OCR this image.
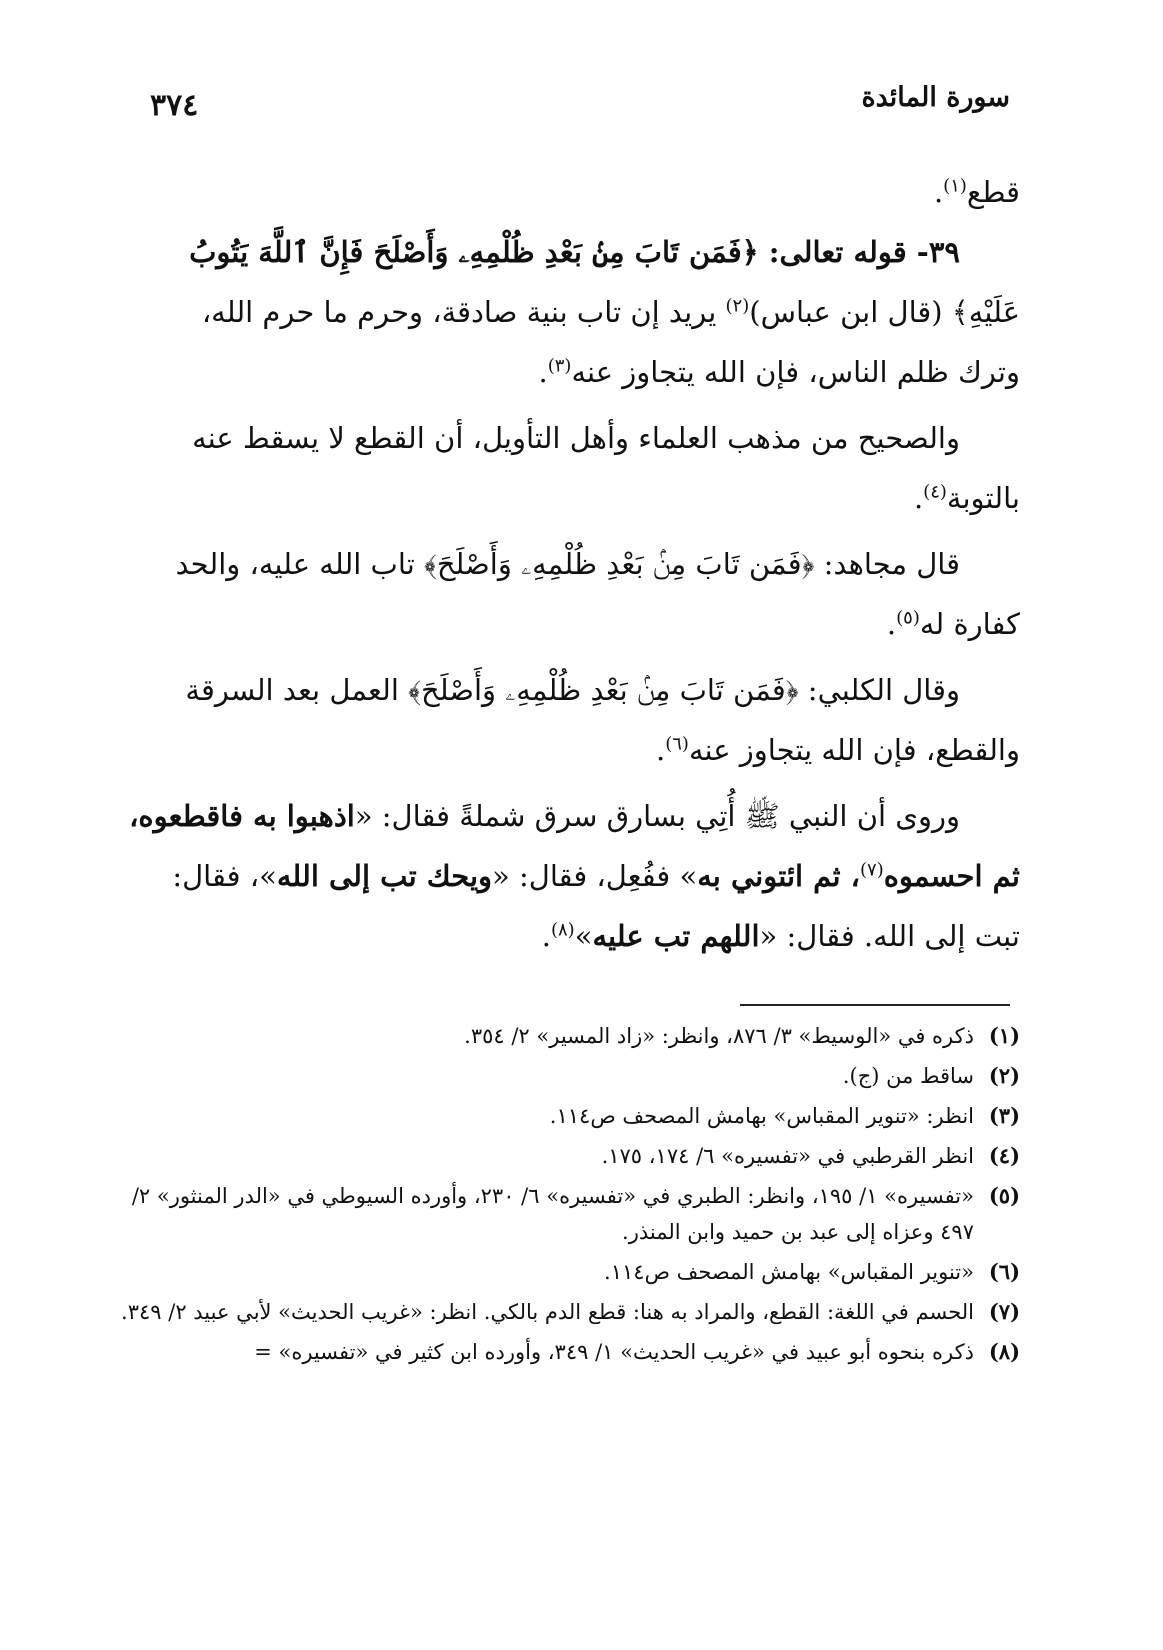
٣٧٤	سورة المائدة
قطع$^{(١)}$.
٣٩- قوله تعالى: ﴿فَمَن تَابَ مِنۢ بَعْدِ ظُلْمِهِۦ وَأَصْلَحَ فَإِنَّ ٱللَّهَ يَتُوبُ
عَلَيْهِ﴾ (قال ابن عباس)$^{(٢)}$ يريد إن تاب بنية صادقة، وحرم ما حرم الله،
وترك ظلم الناس، فإن الله يتجاوز عنه$^{(٣)}$.
والصحيح من مذهب العلماء وأهل التأويل، أن القطع لا يسقط عنه
بالتوبة$^{(٤)}$.
قال مجاهد: ﴿فَمَن تَابَ مِنۢ بَعْدِ ظُلْمِهِۦ وَأَصْلَحَ﴾ تاب الله عليه، والحد
كفارة له$^{(٥)}$.
وقال الكلبي: ﴿فَمَن تَابَ مِنۢ بَعْدِ ظُلْمِهِۦ وَأَصْلَحَ﴾ العمل بعد السرقة
والقطع، فإن الله يتجاوز عنه$^{(٦)}$.
وروى أن النبي ﷺ أُتِي بسارق سرق شملةً فقال: «اذهبوا به فاقطعوه،
ثم احسموه$^{(٧)}$، ثم ائتوني به» ففُعِل، فقال: «ويحك تب إلى الله»، فقال:
تبت إلى الله. فقال: «اللهم تب عليه»$^{(٨)}$.
(١)
ذكره في «الوسيط» ٣/ ٨٧٦، وانظر: «زاد المسير» ٢/ ٣٥٤.
(٢)
ساقط من (ج).
(٣)
انظر: «تنوير المقباس» بهامش المصحف ص١١٤.
(٤)
انظر القرطبي في «تفسيره» ٦/ ١٧٤، ١٧٥.
(٥)
«تفسيره» ١/ ١٩٥، وانظر: الطبري في «تفسيره» ٦/ ٢٣٠، وأورده السيوطي في «الدر المنثور» ٢/ ٤٩٧ وعزاه إلى عبد بن حميد وابن المنذر.
(٦)
«تنوير المقباس» بهامش المصحف ص١١٤.
(٧)
الحسم في اللغة: القطع، والمراد به هنا: قطع الدم بالكي. انظر: «غريب الحديث» لأبي عبيد ٢/ ٣٤٩.
(٨)
ذكره بنحوه أبو عبيد في «غريب الحديث» ١/ ٣٤٩، وأورده ابن كثير في «تفسيره» =
